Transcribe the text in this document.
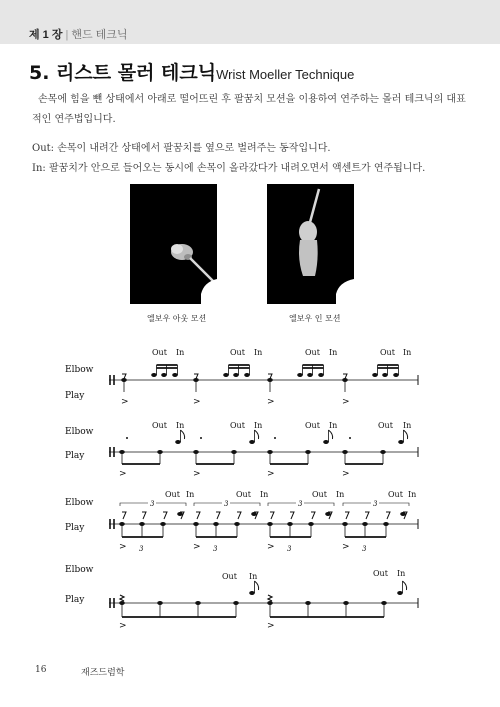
제 1 장 | 핸드 테크닉
5. 리스트 몰러 테크닉Wrist Moeller Technique
손목에 힘을 뺀 상태에서 아래로 떨어뜨린 후 팔꿈치 모션을 이용하여 연주하는 몰러 테크닉의 대표적인 연주법입니다.
Out: 손목이 내려간 상태에서 팔꿈치를 옆으로 벌려주는 동작입니다.
In: 팔꿈치가 안으로 들어오는 동시에 손목이 올라갔다가 내려오면서 액센트가 연주됩니다.
엘보우 아웃 모션	엘보우 인 모션
Elbow
Play
Elbow
Play
Elbow
Play
Elbow
Play
Out In	Out In	Out In	Out In
>	>	>	>
Out In	Out In	Out In	Out In
>	>	>	>
Out In	Out In	Out In	Out In
3
3
>
3
3
>
3
3
>
3
3
>
Out In	Out In
>	>
16	재즈드럼학
